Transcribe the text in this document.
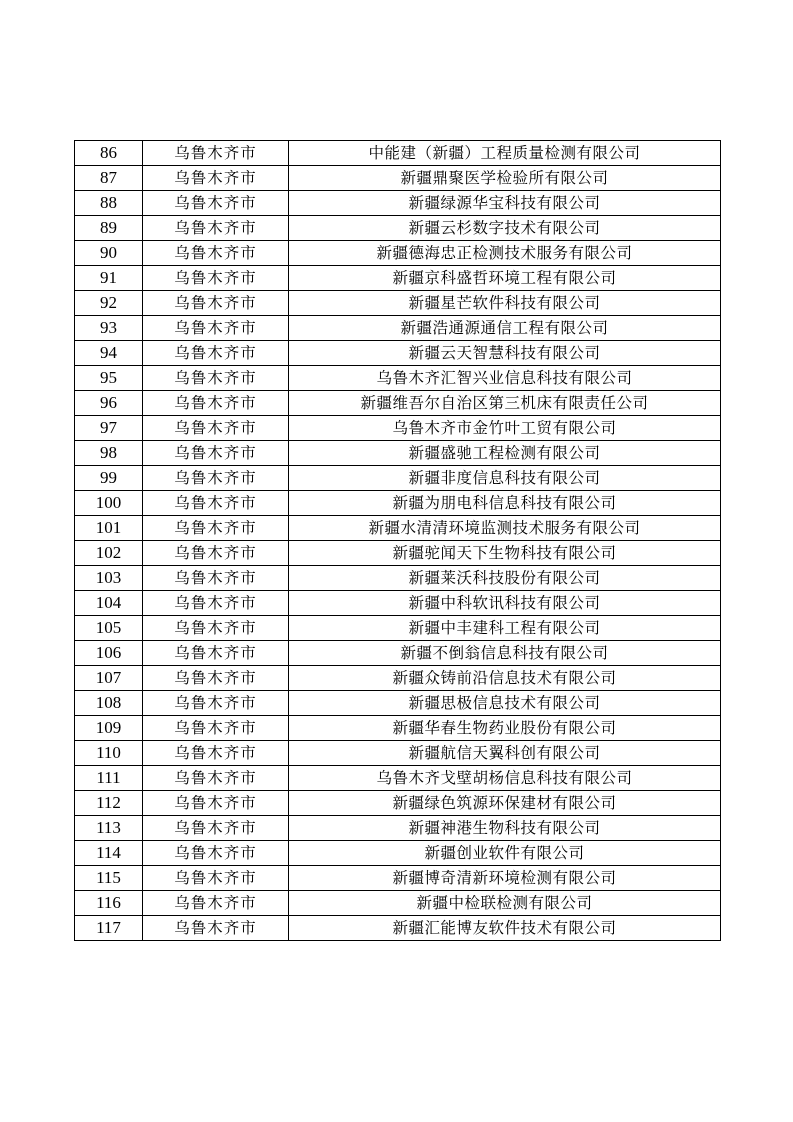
86	乌鲁木齐市	中能建（新疆）工程质量检测有限公司
87	乌鲁木齐市	新疆鼎聚医学检验所有限公司
88	乌鲁木齐市	新疆绿源华宝科技有限公司
89	乌鲁木齐市	新疆云杉数字技术有限公司
90	乌鲁木齐市	新疆德海忠正检测技术服务有限公司
91	乌鲁木齐市	新疆京科盛哲环境工程有限公司
92	乌鲁木齐市	新疆星芒软件科技有限公司
93	乌鲁木齐市	新疆浩通源通信工程有限公司
94	乌鲁木齐市	新疆云天智慧科技有限公司
95	乌鲁木齐市	乌鲁木齐汇智兴业信息科技有限公司
96	乌鲁木齐市	新疆维吾尔自治区第三机床有限责任公司
97	乌鲁木齐市	乌鲁木齐市金竹叶工贸有限公司
98	乌鲁木齐市	新疆盛驰工程检测有限公司
99	乌鲁木齐市	新疆非度信息科技有限公司
100	乌鲁木齐市	新疆为朋电科信息科技有限公司
101	乌鲁木齐市	新疆水清清环境监测技术服务有限公司
102	乌鲁木齐市	新疆驼闻天下生物科技有限公司
103	乌鲁木齐市	新疆莱沃科技股份有限公司
104	乌鲁木齐市	新疆中科软讯科技有限公司
105	乌鲁木齐市	新疆中丰建科工程有限公司
106	乌鲁木齐市	新疆不倒翁信息科技有限公司
107	乌鲁木齐市	新疆众铸前沿信息技术有限公司
108	乌鲁木齐市	新疆思极信息技术有限公司
109	乌鲁木齐市	新疆华春生物药业股份有限公司
110	乌鲁木齐市	新疆航信天翼科创有限公司
111	乌鲁木齐市	乌鲁木齐戈壁胡杨信息科技有限公司
112	乌鲁木齐市	新疆绿色筑源环保建材有限公司
113	乌鲁木齐市	新疆神港生物科技有限公司
114	乌鲁木齐市	新疆创业软件有限公司
115	乌鲁木齐市	新疆博奇清新环境检测有限公司
116	乌鲁木齐市	新疆中检联检测有限公司
117	乌鲁木齐市	新疆汇能博友软件技术有限公司
